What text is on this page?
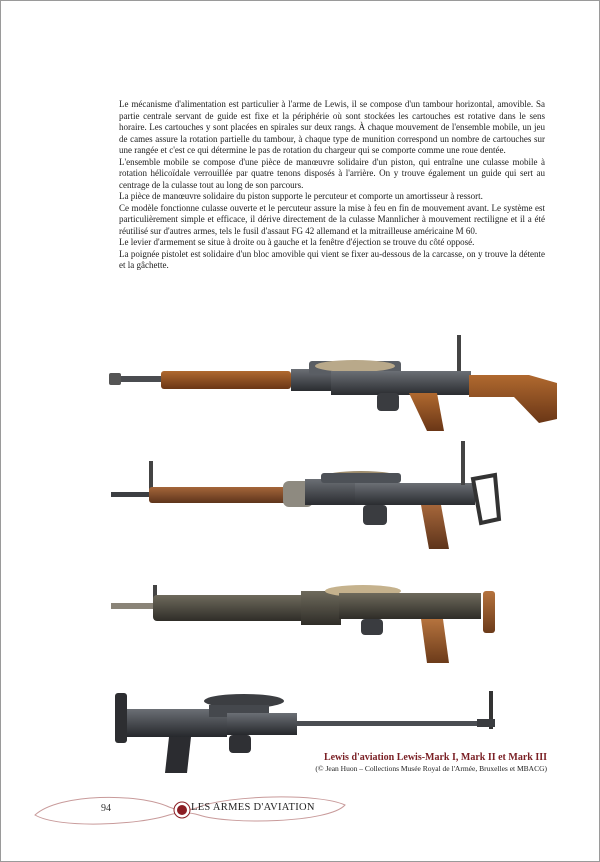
Le mécanisme d'alimentation est particulier à l'arme de Lewis, il se compose d'un tambour horizontal, amovible. Sa partie centrale servant de guide est fixe et la périphérie où sont stockées les cartouches est rotative dans le sens horaire. Les cartouches y sont placées en spirales sur deux rangs. À chaque mouvement de l'ensemble mobile, un jeu de cames assure la rotation partielle du tambour, à chaque type de munition correspond un nombre de cartouches sur une rangée et c'est ce qui détermine le pas de rotation du chargeur qui se comporte comme une roue dentée.

L'ensemble mobile se compose d'une pièce de manœuvre solidaire d'un piston, qui entraîne une culasse mobile à rotation hélicoïdale verrouillée par quatre tenons disposés à l'arrière. On y trouve également un guide qui sert au centrage de la culasse tout au long de son parcours.

La pièce de manœuvre solidaire du piston supporte le percuteur et comporte un amortisseur à ressort.

Ce modèle fonctionne culasse ouverte et le percuteur assure la mise à feu en fin de mouvement avant. Le système est particulièrement simple et efficace, il dérive directement de la culasse Mannlicher à mouvement rectiligne et il a été réutilisé sur d'autres armes, tels le fusil d'assaut FG 42 allemand et la mitrailleuse américaine M 60.

Le levier d'armement se situe à droite ou à gauche et la fenêtre d'éjection se trouve du côté opposé.

La poignée pistolet est solidaire d'un bloc amovible qui vient se fixer au-dessous de la carcasse, on y trouve la détente et la gâchette.

Lewis d'aviation Lewis-Mark I, Mark II et Mark III
(© Jean Huon – Collections Musée Royal de l'Armée, Bruxelles et MBACG)
94	LES ARMES D'AVIATION
